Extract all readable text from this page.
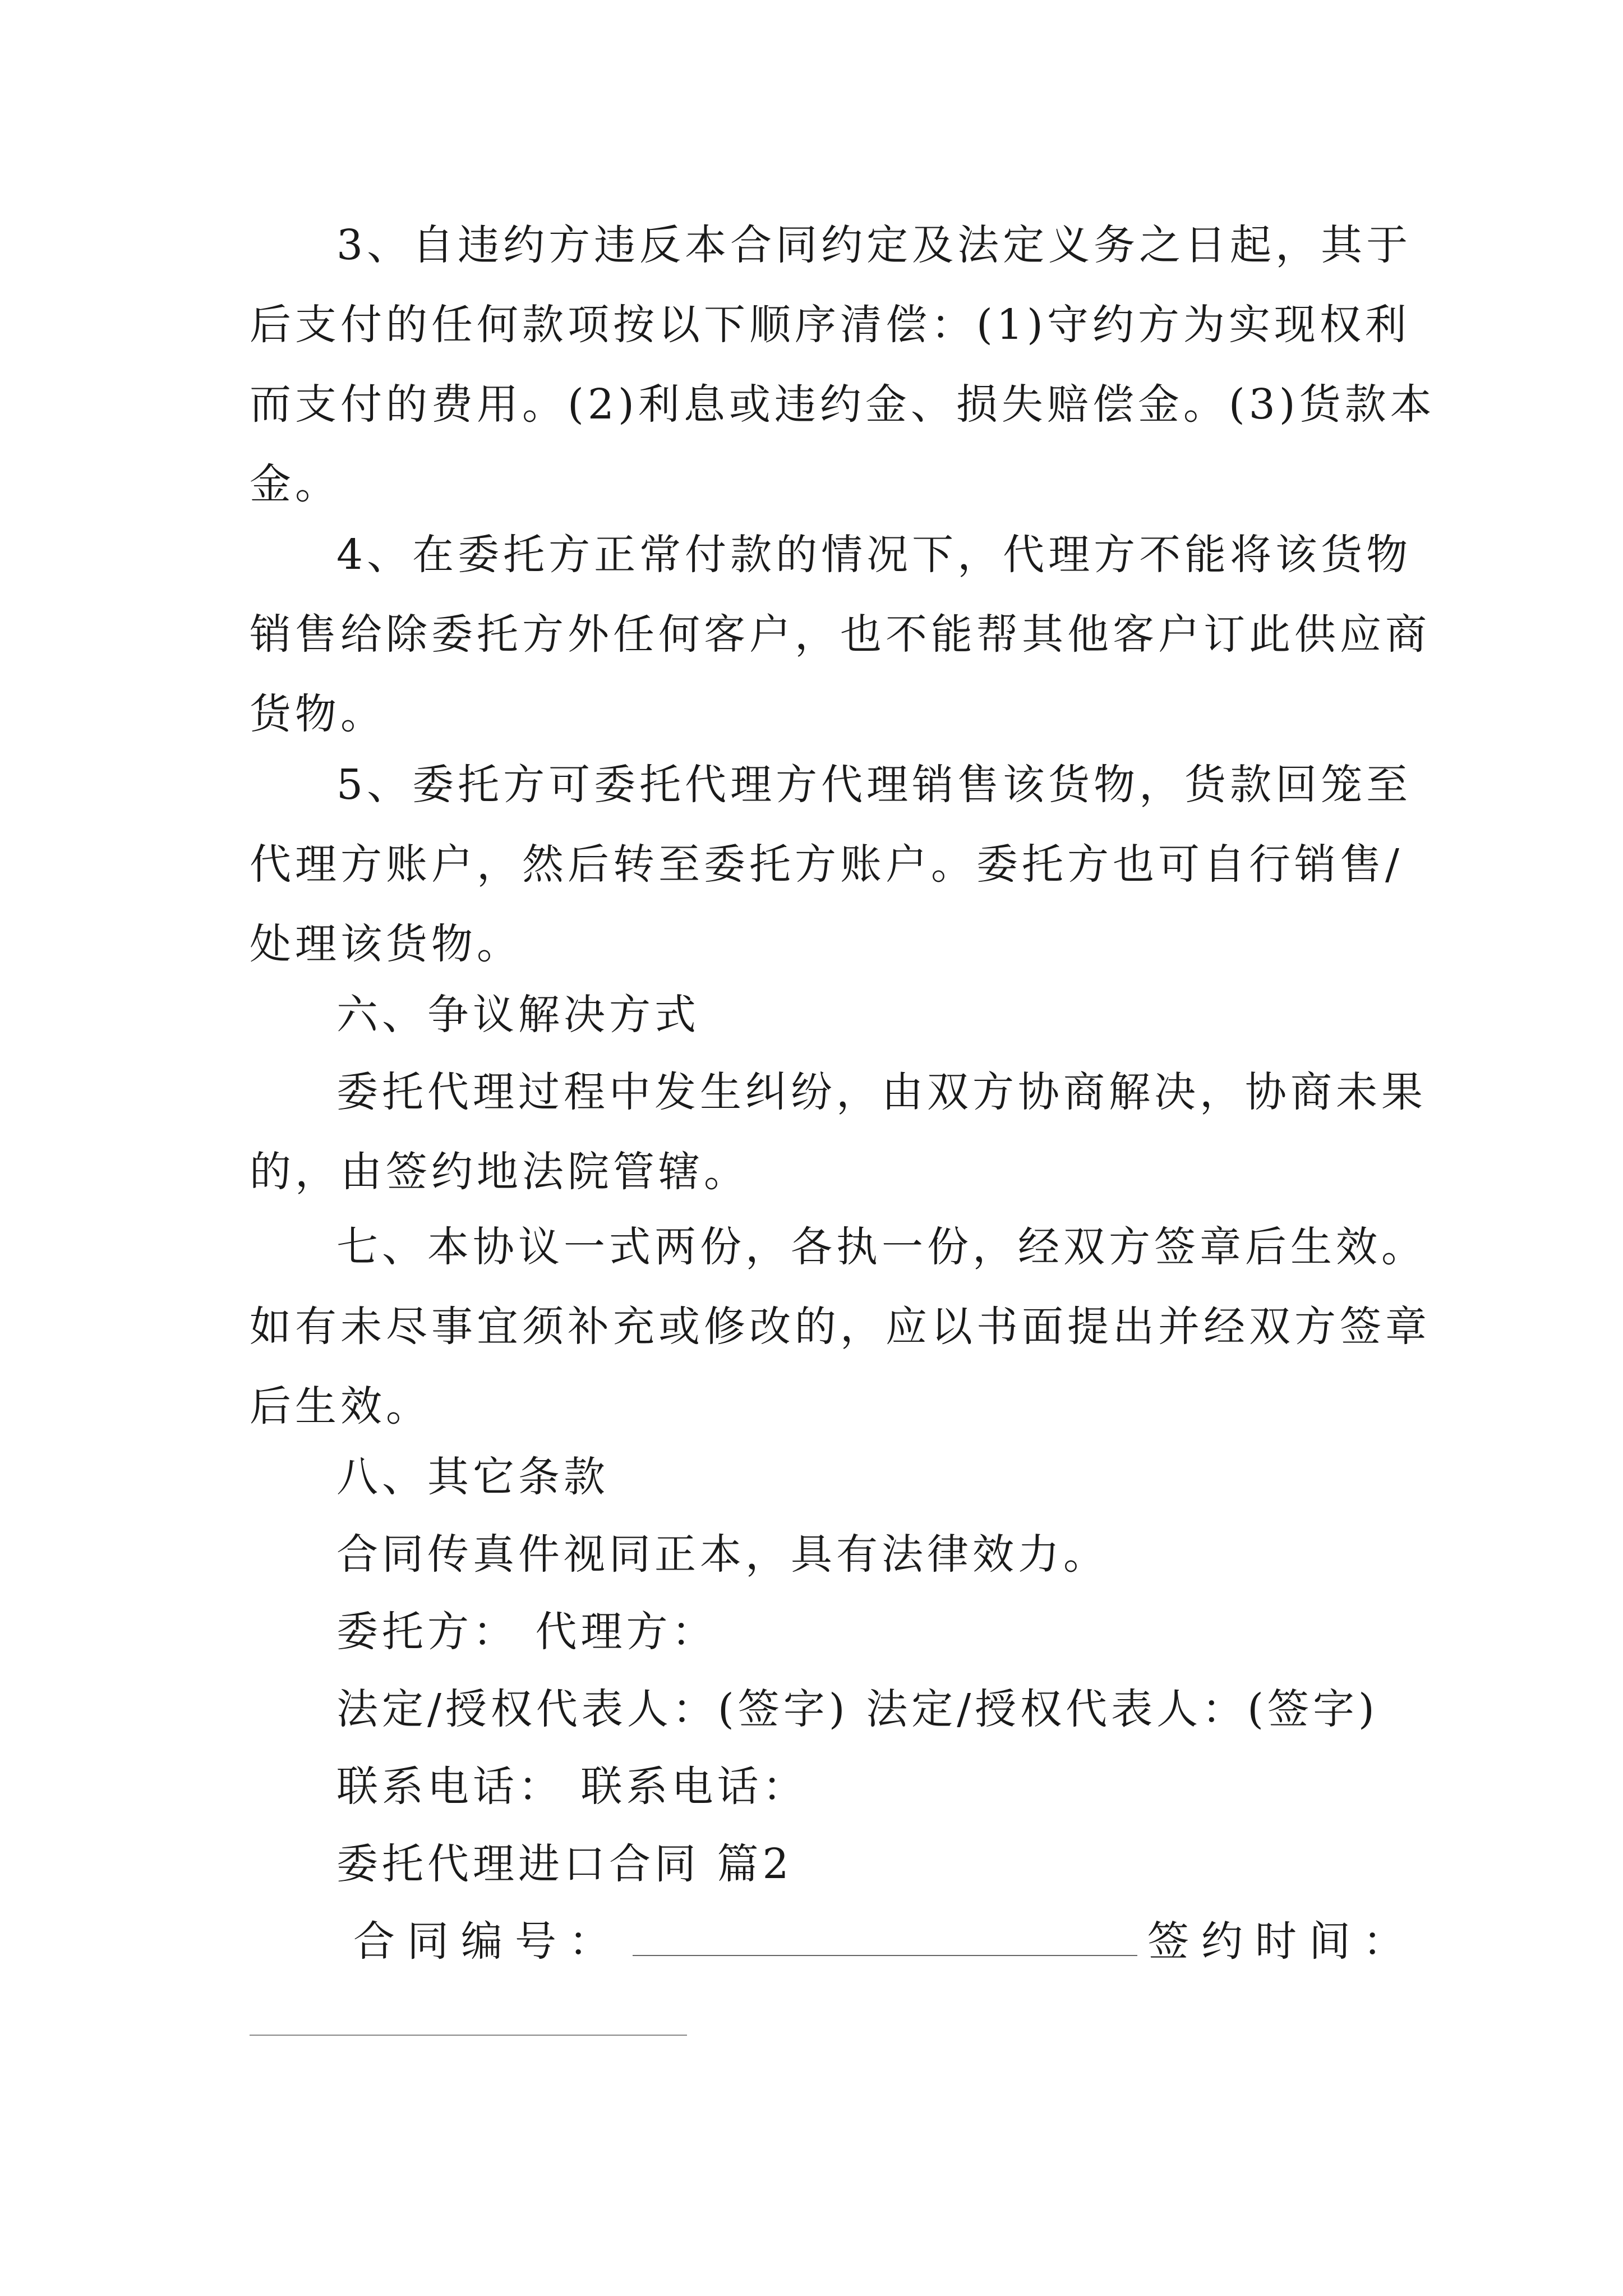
3、自违约方违反本合同约定及法定义务之日起，其于
后支付的任何款项按以下顺序清偿：(1)守约方为实现权利
而支付的费用。(2)利息或违约金、损失赔偿金。(3)货款本
金。
4、在委托方正常付款的情况下，代理方不能将该货物
销售给除委托方外任何客户，也不能帮其他客户订此供应商
货物。
5、委托方可委托代理方代理销售该货物，货款回笼至
代理方账户，然后转至委托方账户。委托方也可自行销售/
处理该货物。
六、争议解决方式
委托代理过程中发生纠纷，由双方协商解决，协商未果
的，由签约地法院管辖。
七、本协议一式两份，各执一份，经双方签章后生效。
如有未尽事宜须补充或修改的，应以书面提出并经双方签章
后生效。
八、其它条款
合同传真件视同正本，具有法律效力。
委托方： 代理方：
法定/授权代表人：(签字) 法定/授权代表人：(签字)
联系电话： 联系电话：
委托代理进口合同 篇2
合同编号：	签约时间：
